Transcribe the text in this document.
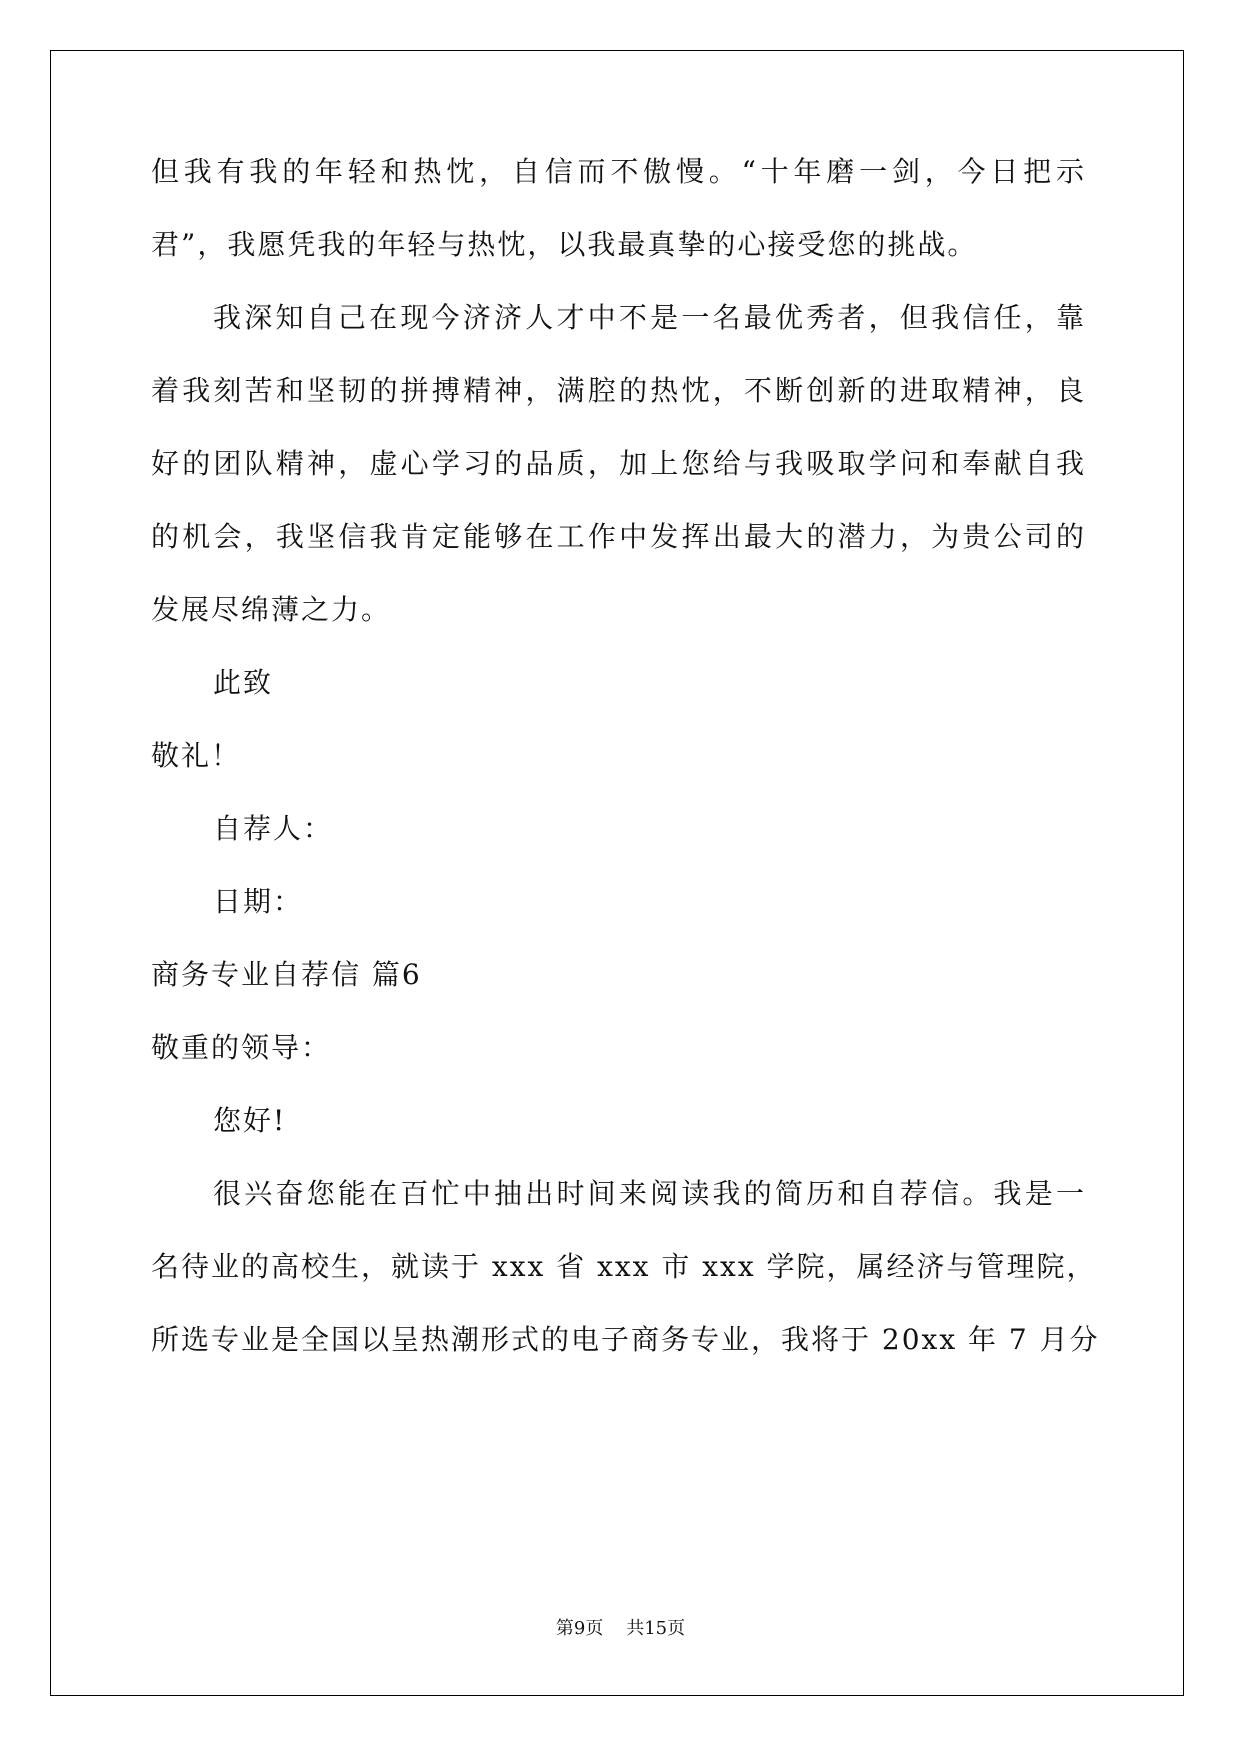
但我有我的年轻和热忱，自信而不傲慢。“十年磨一剑，今日把示
君”，我愿凭我的年轻与热忱，以我最真挚的心接受您的挑战。
我深知自己在现今济济人才中不是一名最优秀者，但我信任，靠
着我刻苦和坚韧的拼搏精神，满腔的热忱，不断创新的进取精神，良
好的团队精神，虚心学习的品质，加上您给与我吸取学问和奉献自我
的机会，我坚信我肯定能够在工作中发挥出最大的潜力，为贵公司的
发展尽绵薄之力。
此致
敬礼！
自荐人：
日期：
商务专业自荐信 篇6
敬重的领导：
您好!
很兴奋您能在百忙中抽出时间来阅读我的简历和自荐信。我是一
名待业的高校生，就读于 xxx 省 xxx 市 xxx 学院，属经济与管理院，
所选专业是全国以呈热潮形式的电子商务专业，我将于 20xx 年 7 月分
第9页 共15页
